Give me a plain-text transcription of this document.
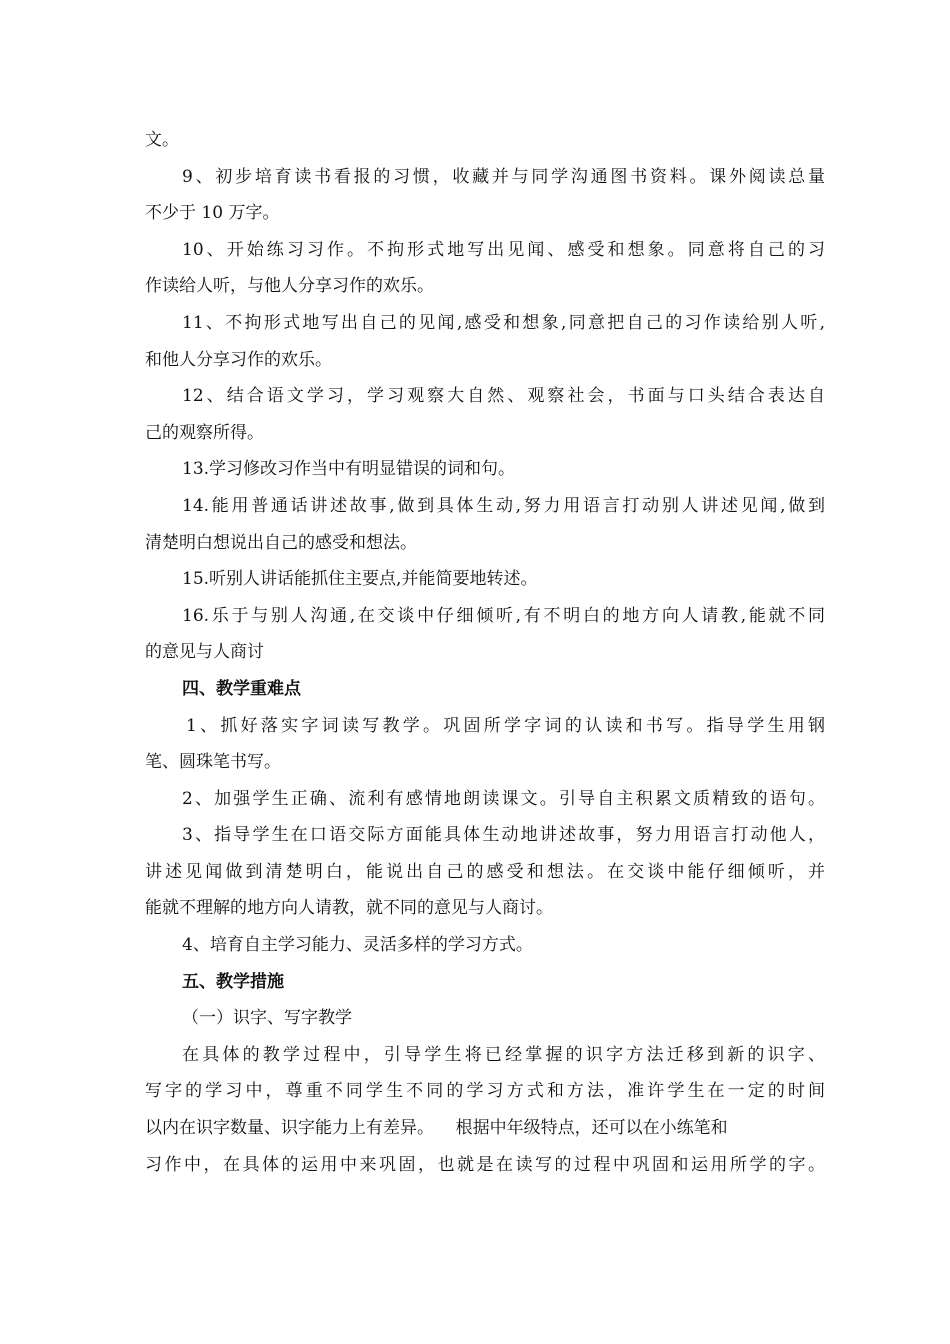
文。
9、初步培育读书看报的习惯，收藏并与同学沟通图书资料。课外阅读总量
不少于 10 万字。
10、开始练习习作。不拘形式地写出见闻、感受和想象。同意将自己的习
作读给人听，与他人分享习作的欢乐。
11、不拘形式地写出自己的见闻,感受和想象,同意把自己的习作读给别人听,
和他人分享习作的欢乐。
12、结合语文学习，学习观察大自然、观察社会，书面与口头结合表达自
己的观察所得。
13.学习修改习作当中有明显错误的词和句。
14.能用普通话讲述故事,做到具体生动,努力用语言打动别人讲述见闻,做到
清楚明白想说出自己的感受和想法。
15.听别人讲话能抓住主要点,并能简要地转述。
16.乐于与别人沟通,在交谈中仔细倾听,有不明白的地方向人请教,能就不同
的意见与人商讨
四、教学重难点
1、抓好落实字词读写教学。巩固所学字词的认读和书写。指导学生用钢
笔、圆珠笔书写。
2、加强学生正确、流利有感情地朗读课文。引导自主积累文质精致的语句。
3、指导学生在口语交际方面能具体生动地讲述故事，努力用语言打动他人，
讲述见闻做到清楚明白，能说出自己的感受和想法。在交谈中能仔细倾听，并
能就不理解的地方向人请教，就不同的意见与人商讨。
4、培育自主学习能力、灵活多样的学习方式。
五、教学措施
（一）识字、写字教学
在具体的教学过程中，引导学生将已经掌握的识字方法迁移到新的识字、
写字的学习中，尊重不同学生不同的学习方式和方法，准许学生在一定的时间
以内在识字数量、识字能力上有差异。    根据中年级特点，还可以在小练笔和
习作中，在具体的运用中来巩固，也就是在读写的过程中巩固和运用所学的字。
